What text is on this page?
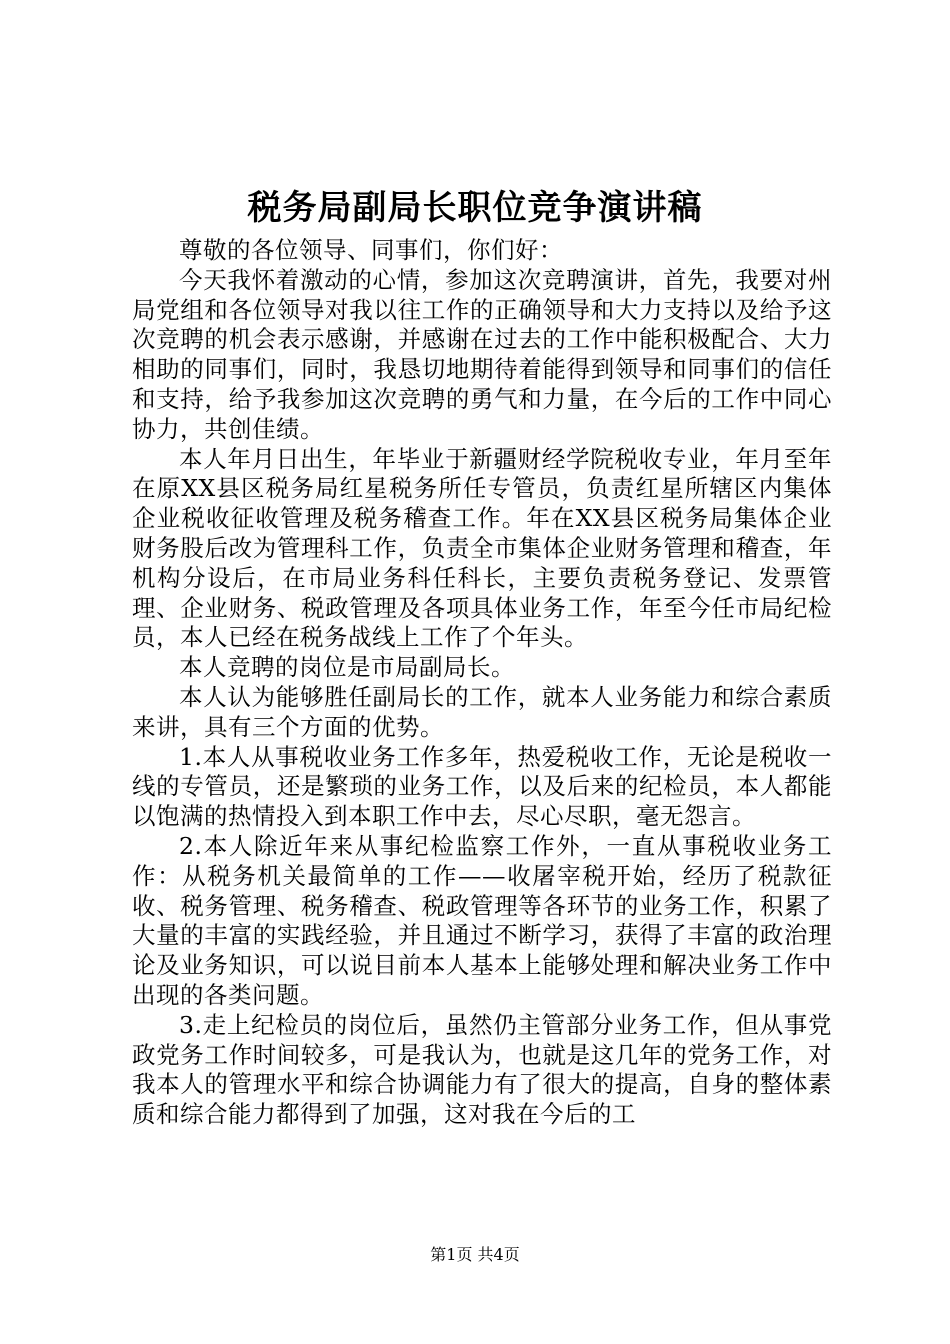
税务局副局长职位竞争演讲稿

尊敬的各位领导、同事们，你们好：

今天我怀着激动的心情，参加这次竞聘演讲，首先，我要对州局党组和各位领导对我以往工作的正确领导和大力支持以及给予这次竞聘的机会表示感谢，并感谢在过去的工作中能积极配合、大力相助的同事们，同时，我恳切地期待着能得到领导和同事们的信任和支持，给予我参加这次竞聘的勇气和力量，在今后的工作中同心协力，共创佳绩。

本人年月日出生，年毕业于新疆财经学院税收专业，年月至年在原XX县区税务局红星税务所任专管员，负责红星所辖区内集体企业税收征收管理及税务稽查工作。年在XX县区税务局集体企业财务股后改为管理科工作，负责全市集体企业财务管理和稽查，年机构分设后，在市局业务科任科长，主要负责税务登记、发票管理、企业财务、税政管理及各项具体业务工作，年至今任市局纪检员，本人已经在税务战线上工作了个年头。

本人竞聘的岗位是市局副局长。

本人认为能够胜任副局长的工作，就本人业务能力和综合素质来讲，具有三个方面的优势。

1.本人从事税收业务工作多年，热爱税收工作，无论是税收一线的专管员，还是繁琐的业务工作，以及后来的纪检员，本人都能以饱满的热情投入到本职工作中去，尽心尽职，毫无怨言。

2.本人除近年来从事纪检监察工作外，一直从事税收业务工作：从税务机关最简单的工作——收屠宰税开始，经历了税款征收、税务管理、税务稽查、税政管理等各环节的业务工作，积累了大量的丰富的实践经验，并且通过不断学习，获得了丰富的政治理论及业务知识，可以说目前本人基本上能够处理和解决业务工作中出现的各类问题。

3.走上纪检员的岗位后，虽然仍主管部分业务工作，但从事党政党务工作时间较多，可是我认为，也就是这几年的党务工作，对我本人的管理水平和综合协调能力有了很大的提高，自身的整体素质和综合能力都得到了加强，这对我在今后的工

第1页 共4页
